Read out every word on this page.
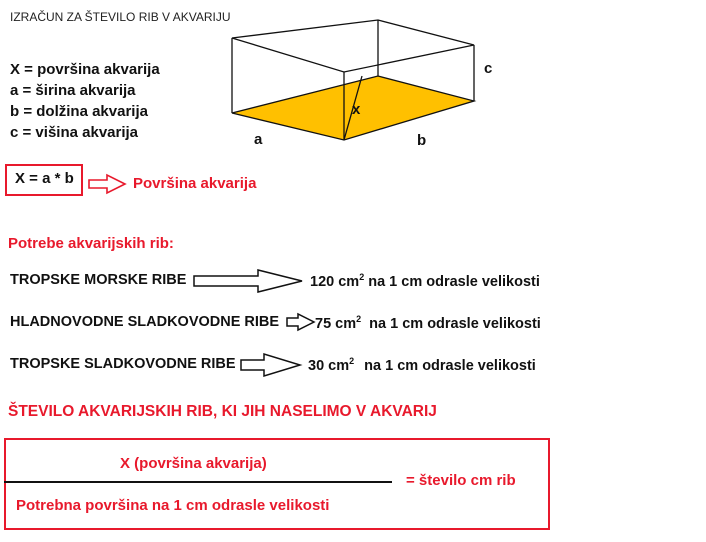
IZRAČUN ZA ŠTEVILO RIB V AKVARIJU
X = površina akvarija
a = širina akvarija
b = dolžina akvarija
c = višina akvarija	a	b
c
x
X = a * b	Površina akvarija
Potrebe akvarijskih rib:
TROPSKE MORSKE RIBE	120 $cm^2$ na 1 cm odrasle velikosti
HLADNOVODNE SLADKOVODNE RIBE 75 $cm^2$ na 1 cm odrasle velikosti
TROPSKE SLADKOVODNE RIBE	30 $cm^2$ na 1 cm odrasle velikosti
ŠTEVILO AKVARIJSKIH RIB, KI JIH NASELIMO V AKVARIJ
X (površina akvarija)
= število cm rib
Potrebna površina na 1 cm odrasle velikosti
